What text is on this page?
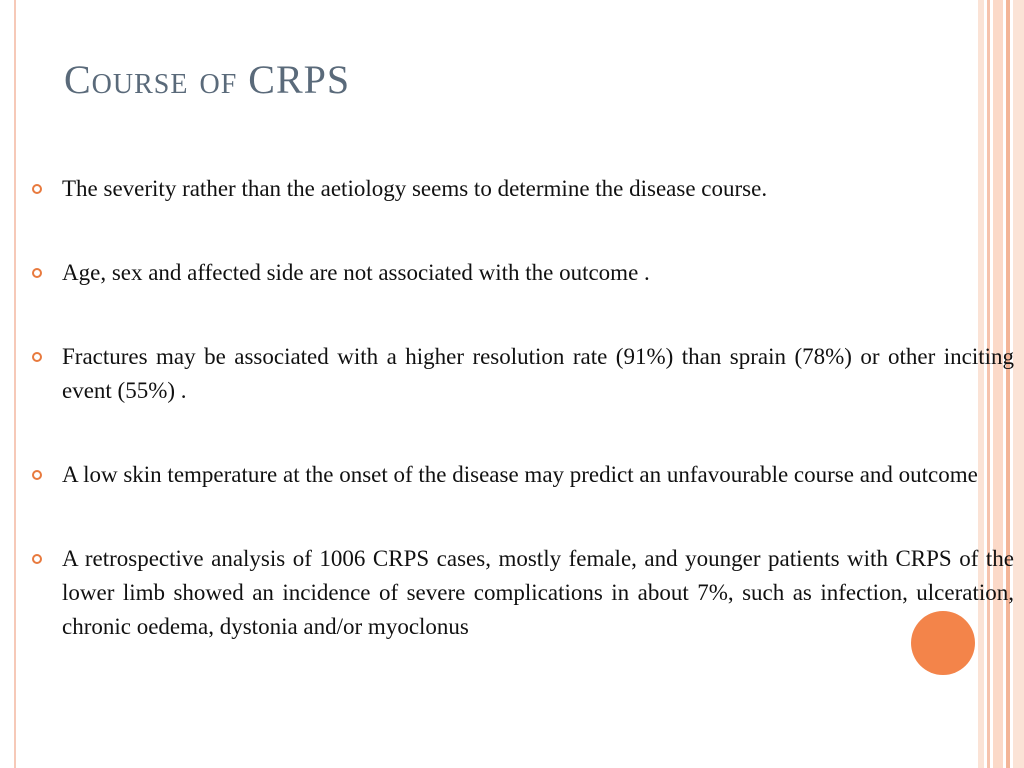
Course of CRPS
The severity rather than the aetiology seems to determine the disease course.
Age, sex and affected side are not associated with the outcome .
Fractures may be associated with a higher resolution rate (91%) than sprain (78%) or other inciting event (55%) .
A low skin temperature at the onset of the disease may predict an unfavourable course and outcome
A retrospective analysis of 1006 CRPS cases, mostly female, and younger patients with CRPS of the lower limb showed an incidence of severe complications in about 7%, such as infection, ulceration, chronic oedema, dystonia and/or myoclonus
